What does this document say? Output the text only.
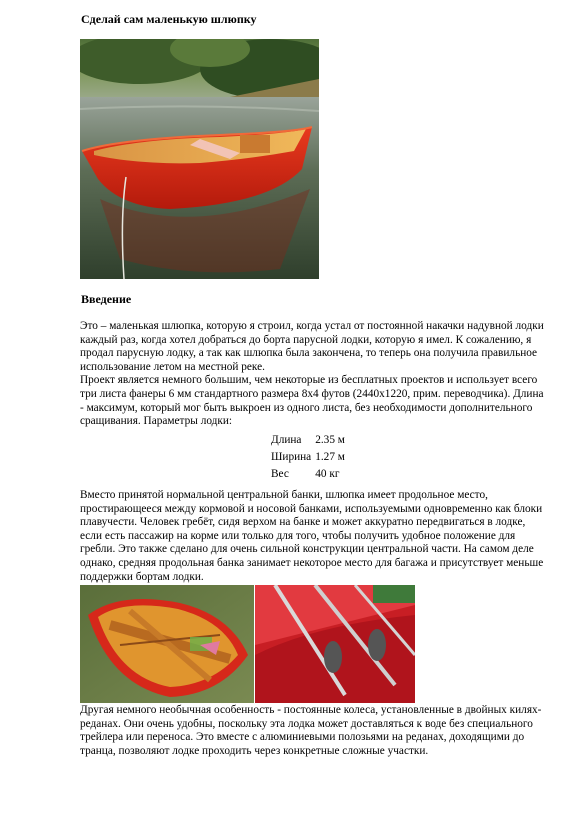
Сделай сам маленькую шлюпку
Введение

Это – маленькая шлюпка, которую я строил, когда устал от постоянной накачки надувной лодки каждый раз, когда хотел добраться до борта парусной лодки, которую я имел. К сожалению, я продал парусную лодку, а так как шлюпка была закончена, то теперь она получила правильное использование летом на местной реке.
Проект является немного большим, чем некоторые из бесплатных проектов и использует всего три листа фанеры 6 мм стандартного размера 8x4 футов (2440х1220, прим. переводчика). Длина - максимум, который мог быть выкроен из одного листа, без необходимости дополнительного сращивания. Параметры лодки:

Длина	2.35 м
Ширина	1.27 м
Вес	40 кг

Вместо принятой нормальной центральной банки, шлюпка имеет продольное место, простирающееся между кормовой и носовой банками, используемыми одновременно как блоки плавучести. Человек гребёт, сидя верхом на банке и может аккуратно передвигаться в лодке, если есть пассажир на корме или только для того, чтобы получить удобное положение для гребли. Это также сделано для очень сильной конструкции центральной части. На самом деле однако, средняя продольная банка занимает некоторое место для багажа и присутствует меньше поддержки бортам лодки.

Другая немного необычная особенность - постоянные колеса, установленные в двойных килях-реданах. Они очень удобны, поскольку эта лодка может доставляться к воде без специального трейлера или переноса. Это вместе с алюминиевыми полозьями на реданах, доходящими до транца, позволяют лодке проходить через конкретные сложные участки.
